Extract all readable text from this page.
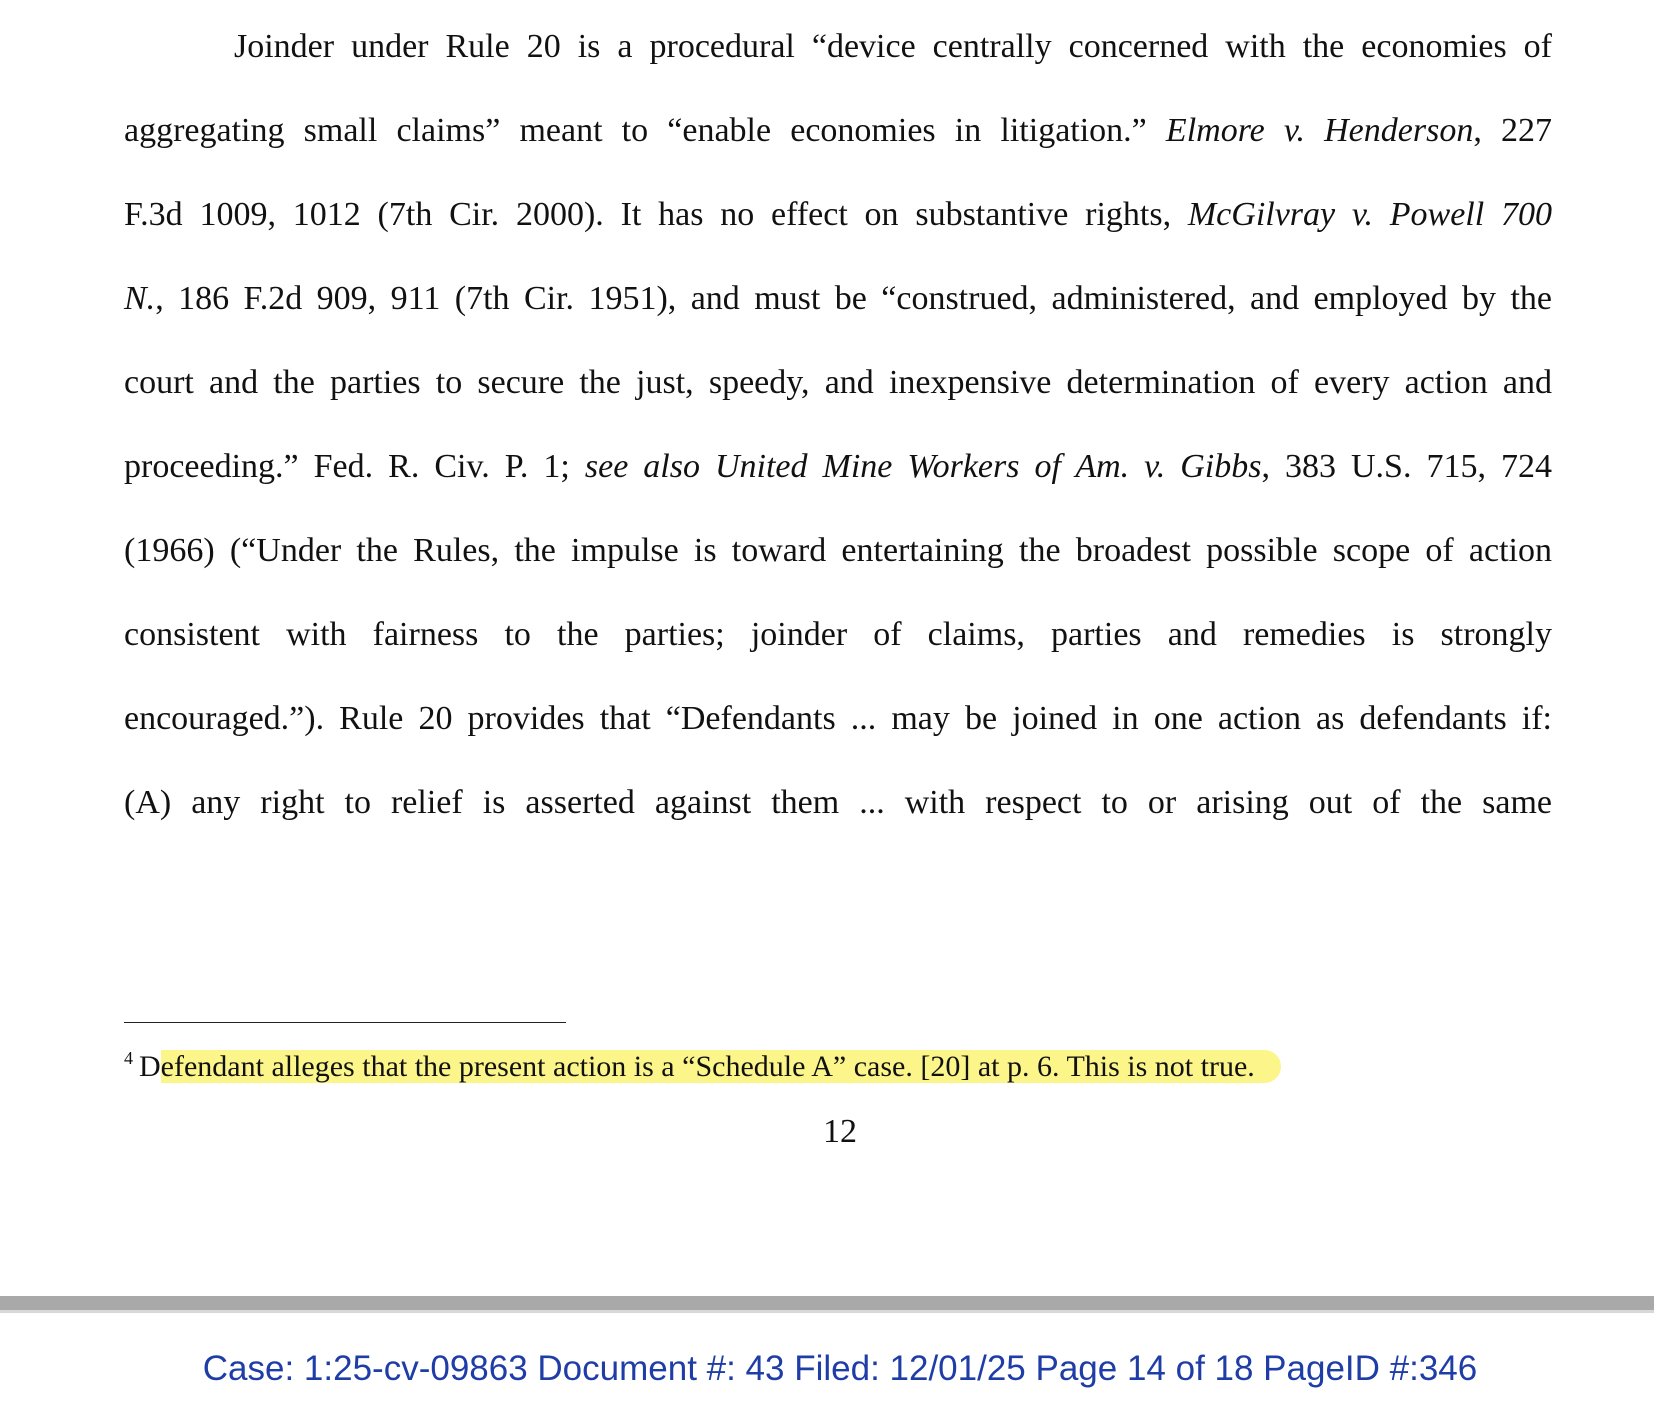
Joinder under Rule 20 is a procedural “device centrally concerned with the economies of
aggregating small claims” meant to “enable economies in litigation.” Elmore v. Henderson, 227
F.3d 1009, 1012 (7th Cir. 2000). It has no effect on substantive rights, McGilvray v. Powell 700
N., 186 F.2d 909, 911 (7th Cir. 1951), and must be “construed, administered, and employed by the
court and the parties to secure the just, speedy, and inexpensive determination of every action and
proceeding.” Fed. R. Civ. P. 1; see also United Mine Workers of Am. v. Gibbs, 383 U.S. 715, 724
(1966) (“Under the Rules, the impulse is toward entertaining the broadest possible scope of action
consistent with fairness to the parties; joinder of claims, parties and remedies is strongly
encouraged.”). Rule 20 provides that “Defendants ... may be joined in one action as defendants if:
(A) any right to relief is asserted against them ... with respect to or arising out of the same
$^4$ Defendant alleges that the present action is a “Schedule A” case. [20] at p. 6. This is not true.
12
Case: 1:25-cv-09863 Document #: 43 Filed: 12/01/25 Page 14 of 18 PageID #:346
